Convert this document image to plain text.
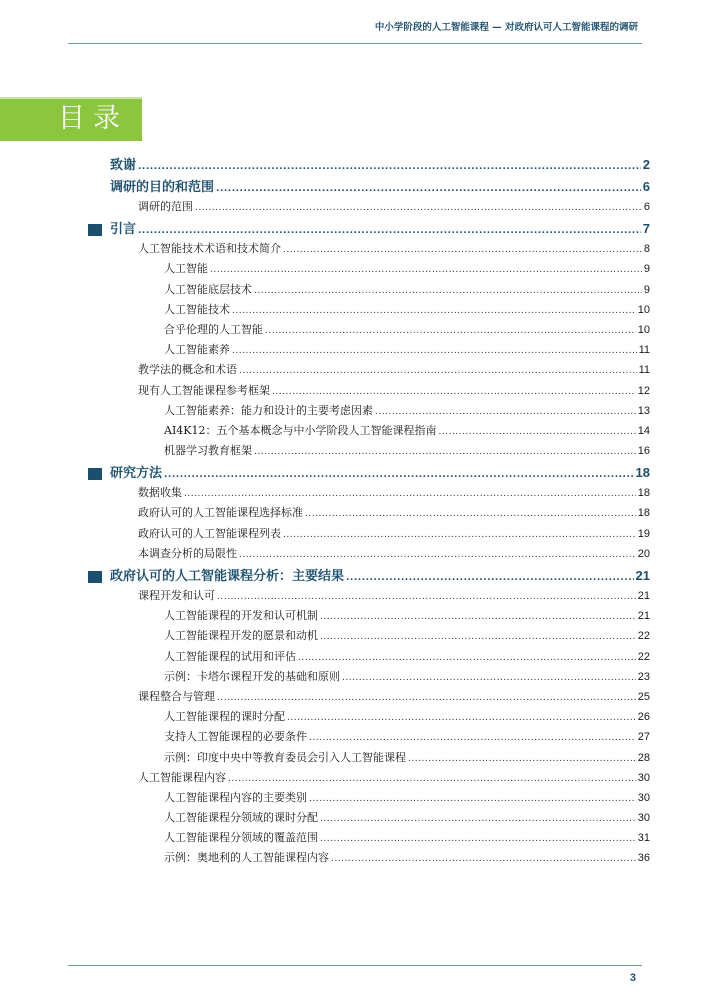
中小学阶段的人工智能课程 — 对政府认可人工智能课程的调研
目录
致谢 .....	2
调研的目的和范围 .....	6
调研的范围 .....	6
引言 .....	7
人工智能技术术语和技术简介 .....	8
人工智能 .....	9
人工智能底层技术 .....	9
人工智能技术 .....	10
合乎伦理的人工智能 .....	10
人工智能素养 .....	11
教学法的概念和术语 .....	11
现有人工智能课程参考框架 .....	12
人工智能素养：能力和设计的主要考虑因素 .....	13
AI4K12：五个基本概念与中小学阶段人工智能课程指南 .....	14
机器学习教育框架 .....	16
研究方法 .....	18
数据收集 .....	18
政府认可的人工智能课程选择标准 .....	18
政府认可的人工智能课程列表 .....	19
本调查分析的局限性 .....	20
政府认可的人工智能课程分析：主要结果 .....	21
课程开发和认可 .....	21
人工智能课程的开发和认可机制 .....	21
人工智能课程开发的愿景和动机 .....	22
人工智能课程的试用和评估 .....	22
示例：卡塔尔课程开发的基础和原则 .....	23
课程整合与管理 .....	25
人工智能课程的课时分配 .....	26
支持人工智能课程的必要条件 .....	27
示例：印度中央中等教育委员会引入人工智能课程 .....	28
人工智能课程内容 .....	30
人工智能课程内容的主要类别 .....	30
人工智能课程分领域的课时分配 .....	30
人工智能课程分领域的覆盖范围 .....	31
示例：奥地利的人工智能课程内容 .....	36
3
